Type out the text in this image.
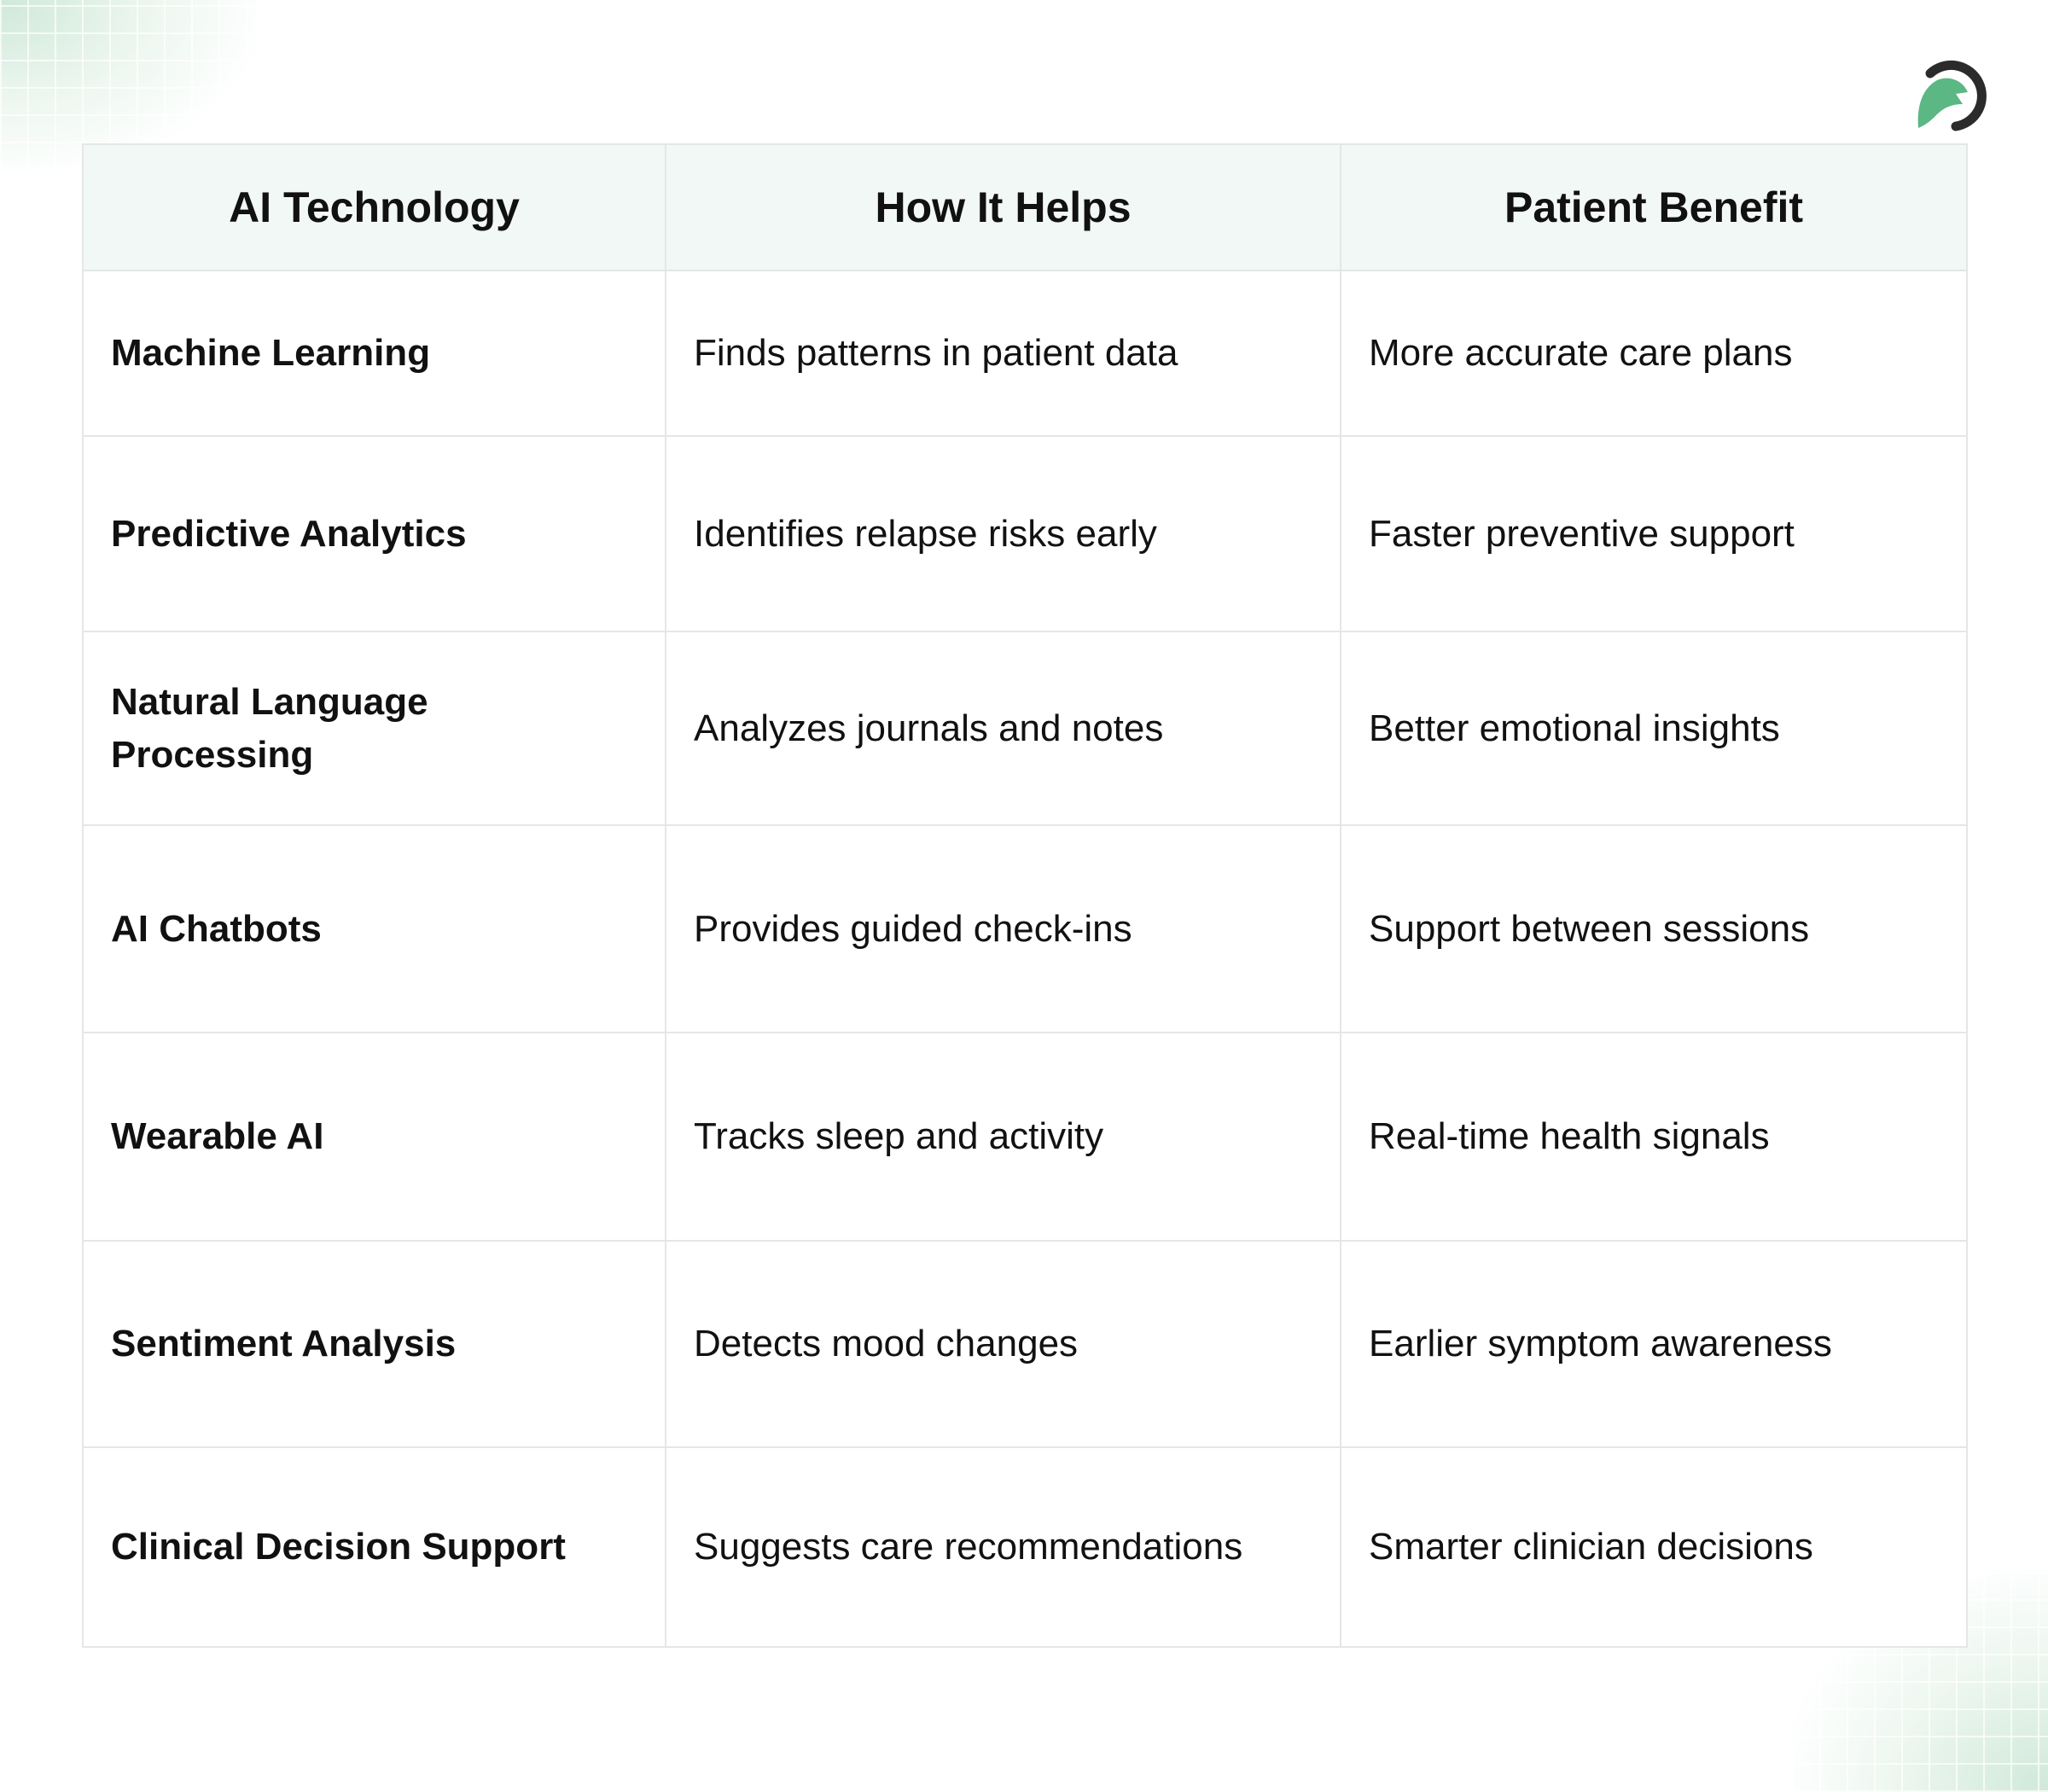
AI Technology	How It Helps	Patient Benefit
Machine Learning	Finds patterns in patient data	More accurate care plans
Predictive Analytics	Identifies relapse risks early	Faster preventive support
Natural Language Processing	Analyzes journals and notes	Better emotional insights
AI Chatbots	Provides guided check-ins	Support between sessions
Wearable AI	Tracks sleep and activity	Real-time health signals
Sentiment Analysis	Detects mood changes	Earlier symptom awareness
Clinical Decision Support	Suggests care recommendations	Smarter clinician decisions
